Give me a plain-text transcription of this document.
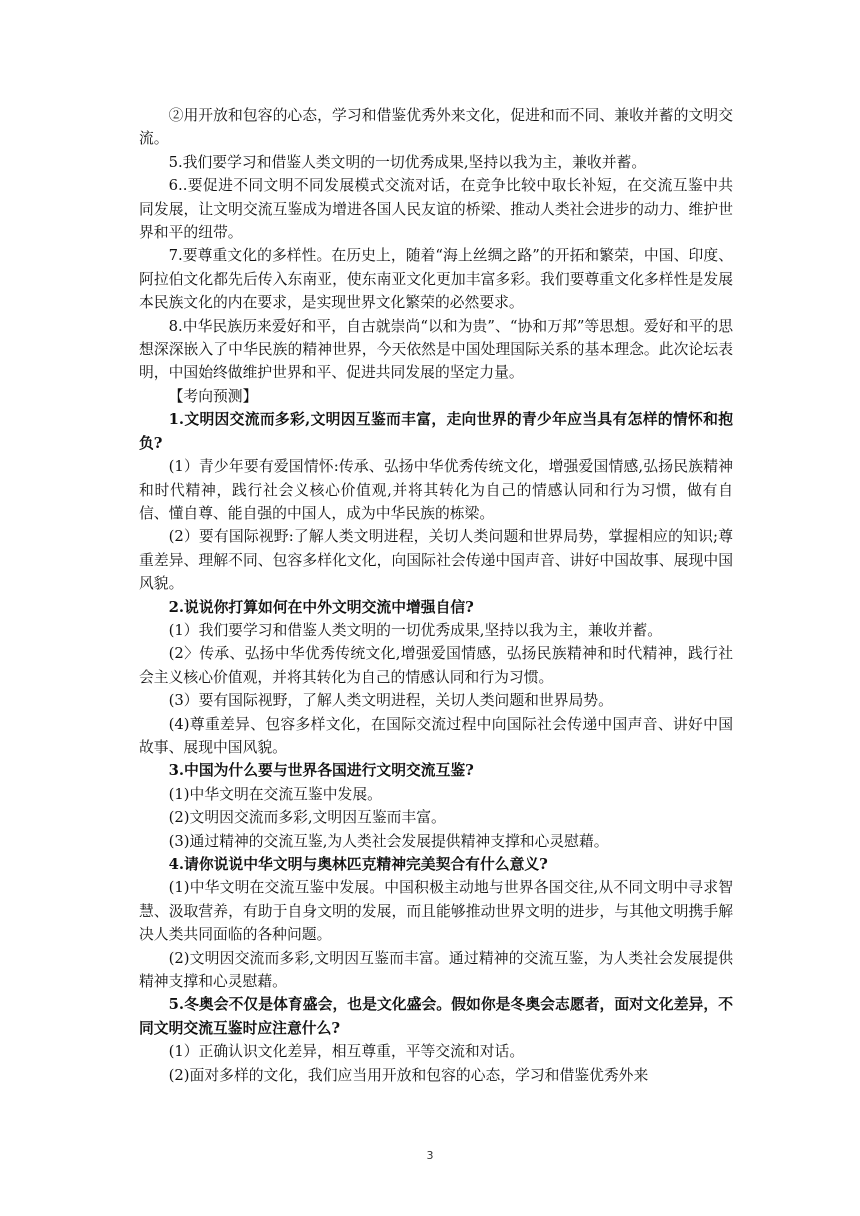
②用开放和包容的心态，学习和借鉴优秀外来文化，促进和而不同、兼收并蓄的文明交流。

5.我们要学习和借鉴人类文明的一切优秀成果,坚持以我为主，兼收并蓄。

6..要促进不同文明不同发展模式交流对话，在竞争比较中取长补短，在交流互鉴中共同发展，让文明交流互鉴成为增进各国人民友谊的桥梁、推动人类社会进步的动力、维护世界和平的纽带。

7.要尊重文化的多样性。在历史上，随着“海上丝绸之路”的开拓和繁荣，中国、印度、阿拉伯文化都先后传入东南亚，使东南亚文化更加丰富多彩。我们要尊重文化多样性是发展本民族文化的内在要求，是实现世界文化繁荣的必然要求。

8.中华民族历来爱好和平，自古就崇尚“以和为贵”、“协和万邦”等思想。爱好和平的思想深深嵌入了中华民族的精神世界，今天依然是中国处理国际关系的基本理念。此次论坛表明，中国始终做维护世界和平、促进共同发展的坚定力量。

【考向预测】

1.文明因交流而多彩,文明因互鉴而丰富，走向世界的青少年应当具有怎样的情怀和抱负?

(1）青少年要有爱国情怀:传承、弘扬中华优秀传统文化，增强爱国情感,弘扬民族精神和时代精神，践行社会义核心价值观,并将其转化为自己的情感认同和行为习惯，做有自信、懂自尊、能自强的中国人，成为中华民族的栋梁。

(2）要有国际视野:了解人类文明进程，关切人类问题和世界局势，掌握相应的知识;尊重差异、理解不同、包容多样化文化，向国际社会传递中国声音、讲好中国故事、展现中国风貌。

2.说说你打算如何在中外文明交流中增强自信?

(1）我们要学习和借鉴人类文明的一切优秀成果,坚持以我为主，兼收并蓄。

(2〉传承、弘扬中华优秀传统文化,增强爱国情感，弘扬民族精神和时代精神，践行社会主义核心价值观，并将其转化为自己的情感认同和行为习惯。

(3）要有国际视野，了解人类文明进程，关切人类问题和世界局势。

(4)尊重差异、包容多样文化，在国际交流过程中向国际社会传递中国声音、讲好中国故事、展现中国风貌。

3.中国为什么要与世界各国进行文明交流互鉴?

(1)中华文明在交流互鉴中发展。

(2)文明因交流而多彩,文明因互鉴而丰富。

(3)通过精神的交流互鉴,为人类社会发展提供精神支撑和心灵慰藉。

4.请你说说中华文明与奥林匹克精神完美契合有什么意义?

(1)中华文明在交流互鉴中发展。中国积极主动地与世界各国交往,从不同文明中寻求智慧、汲取营养，有助于自身文明的发展，而且能够推动世界文明的进步，与其他文明携手解决人类共同面临的各种问题。

(2)文明因交流而多彩,文明因互鉴而丰富。通过精神的交流互鉴，为人类社会发展提供精神支撑和心灵慰藉。

5.冬奥会不仅是体育盛会，也是文化盛会。假如你是冬奥会志愿者，面对文化差异，不同文明交流互鉴时应注意什么?

(1）正确认识文化差异，相互尊重，平等交流和对话。

(2)面对多样的文化，我们应当用开放和包容的心态，学习和借鉴优秀外来

3
